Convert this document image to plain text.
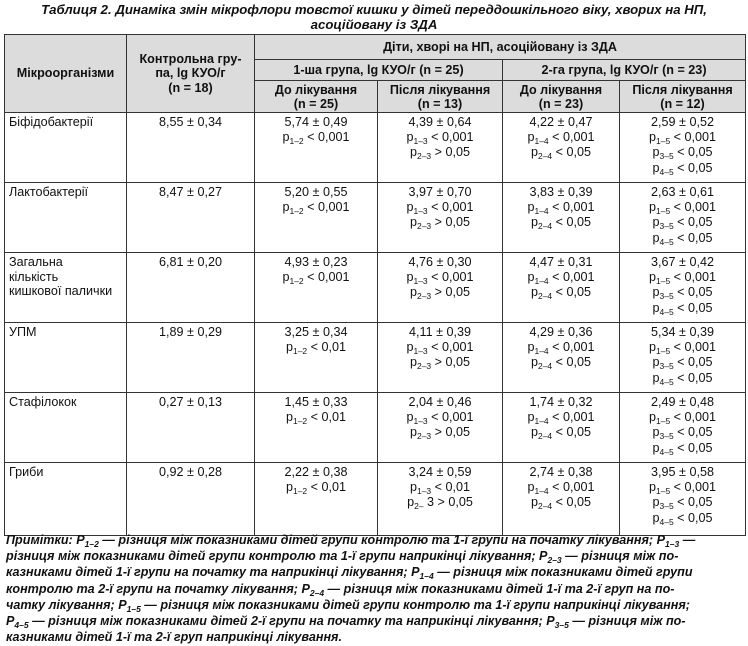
Таблиця 2. Динаміка змін мікрофлори товстої кишки у дітей переддошкільного віку, хворих на НП,
асоційовану із ЗДА
Мікроорганізми	Контрольна гру-
па, lg КУО/г
(n = 18)	Діти, хворі на НП, асоційовану із ЗДА			
		1-ша група, lg КУО/г (n = 25)		2-га група, lg КУО/г (n = 23)	

		До лікування
(n = 25)	Після лікування
(n = 13)	До лікування
(n = 23)	Після лікування
(n = 12)

Біфідобактерії	8,55 ± 0,34	5,74 ± 0,49
$p_{1-2} < 0,001$	4,39 ± 0,64
$p_{1-3} < 0,001$
$p_{2-3} > 0,05$	4,22 ± 0,47
$p_{1-4} < 0,001$
$p_{2-4} < 0,05$	2,59 ± 0,52
$p_{1-5} < 0,001$
$p_{3-5} < 0,05$
$p_{4-5} < 0,05$

Лактобактерії	8,47 ± 0,27	5,20 ± 0,55
$p_{1-2} < 0,001$	3,97 ± 0,70
$p_{1-3} < 0,001$
$p_{2-3} > 0,05$	3,83 ± 0,39
$p_{1-4} < 0,001$
$p_{2-4} < 0,05$	2,63 ± 0,61
$p_{1-5} < 0,001$
$p_{3-5} < 0,05$
$p_{4-5} < 0,05$

Загальна
кількість
кишкової палички	6,81 ± 0,20	4,93 ± 0,23
$p_{1-2} < 0,001$	4,76 ± 0,30
$p_{1-3} < 0,001$
$p_{2-3} > 0,05$	4,47 ± 0,31
$p_{1-4} < 0,001$
$p_{2-4} < 0,05$	3,67 ± 0,42
$p_{1-5} < 0,001$
$p_{3-5} < 0,05$
$p_{4-5} < 0,05$

УПМ	1,89 ± 0,29	3,25 ± 0,34
$p_{1-2} < 0,01$	4,11 ± 0,39
$p_{1-3} < 0,001$
$p_{2-3} > 0,05$	4,29 ± 0,36
$p_{1-4} < 0,001$
$p_{2-4} < 0,05$	5,34 ± 0,39
$p_{1-5} < 0,001$
$p_{3-5} < 0,05$
$p_{4-5} < 0,05$

Стафілокок	0,27 ± 0,13	1,45 ± 0,33
$p_{1-2} < 0,01$	2,04 ± 0,46
$p_{1-3} < 0,001$
$p_{2-3} > 0,05$	1,74 ± 0,32
$p_{1-4} < 0,001$
$p_{2-4} < 0,05$	2,49 ± 0,48
$p_{1-5} < 0,001$
$p_{3-5} < 0,05$
$p_{4-5} < 0,05$

Гриби	0,92 ± 0,28	2,22 ± 0,38
$p_{1-2} < 0,01$	3,24 ± 0,59
$p_{1-3} < 0,01$
$p_{2-}$ 3 > 0,05	2,74 ± 0,38
$p_{1-4} < 0,001$
$p_{2-4} < 0,05$	3,95 ± 0,58
$p_{1-5} < 0,001$
$p_{3-5} < 0,05$
$p_{4-5} < 0,05$
Примітки: $P_{1-2}$ — різниця між показниками дітей групи контролю та 1-ї групи на початку лікування; $P_{1-3}$ —
різниця між показниками дітей групи контролю та 1-ї групи наприкінці лікування; $P_{2-3}$ — різниця між по-
казниками дітей 1-ї групи на початку та наприкінці лікування; $P_{1-4}$ — різниця між показниками дітей групи
контролю та 2-ї групи на початку лікування; $P_{2-4}$ — різниця між показниками дітей 1-ї та 2-ї груп на по-
чатку лікування; $P_{1-5}$ — різниця між показниками дітей групи контролю та 1-ї групи наприкінці лікування;
$P_{4-5}$ — різниця між показниками дітей 2-ї групи на початку та наприкінці лікування; $P_{3-5}$ — різниця між по-
казниками дітей 1-ї та 2-ї груп наприкінці лікування.
